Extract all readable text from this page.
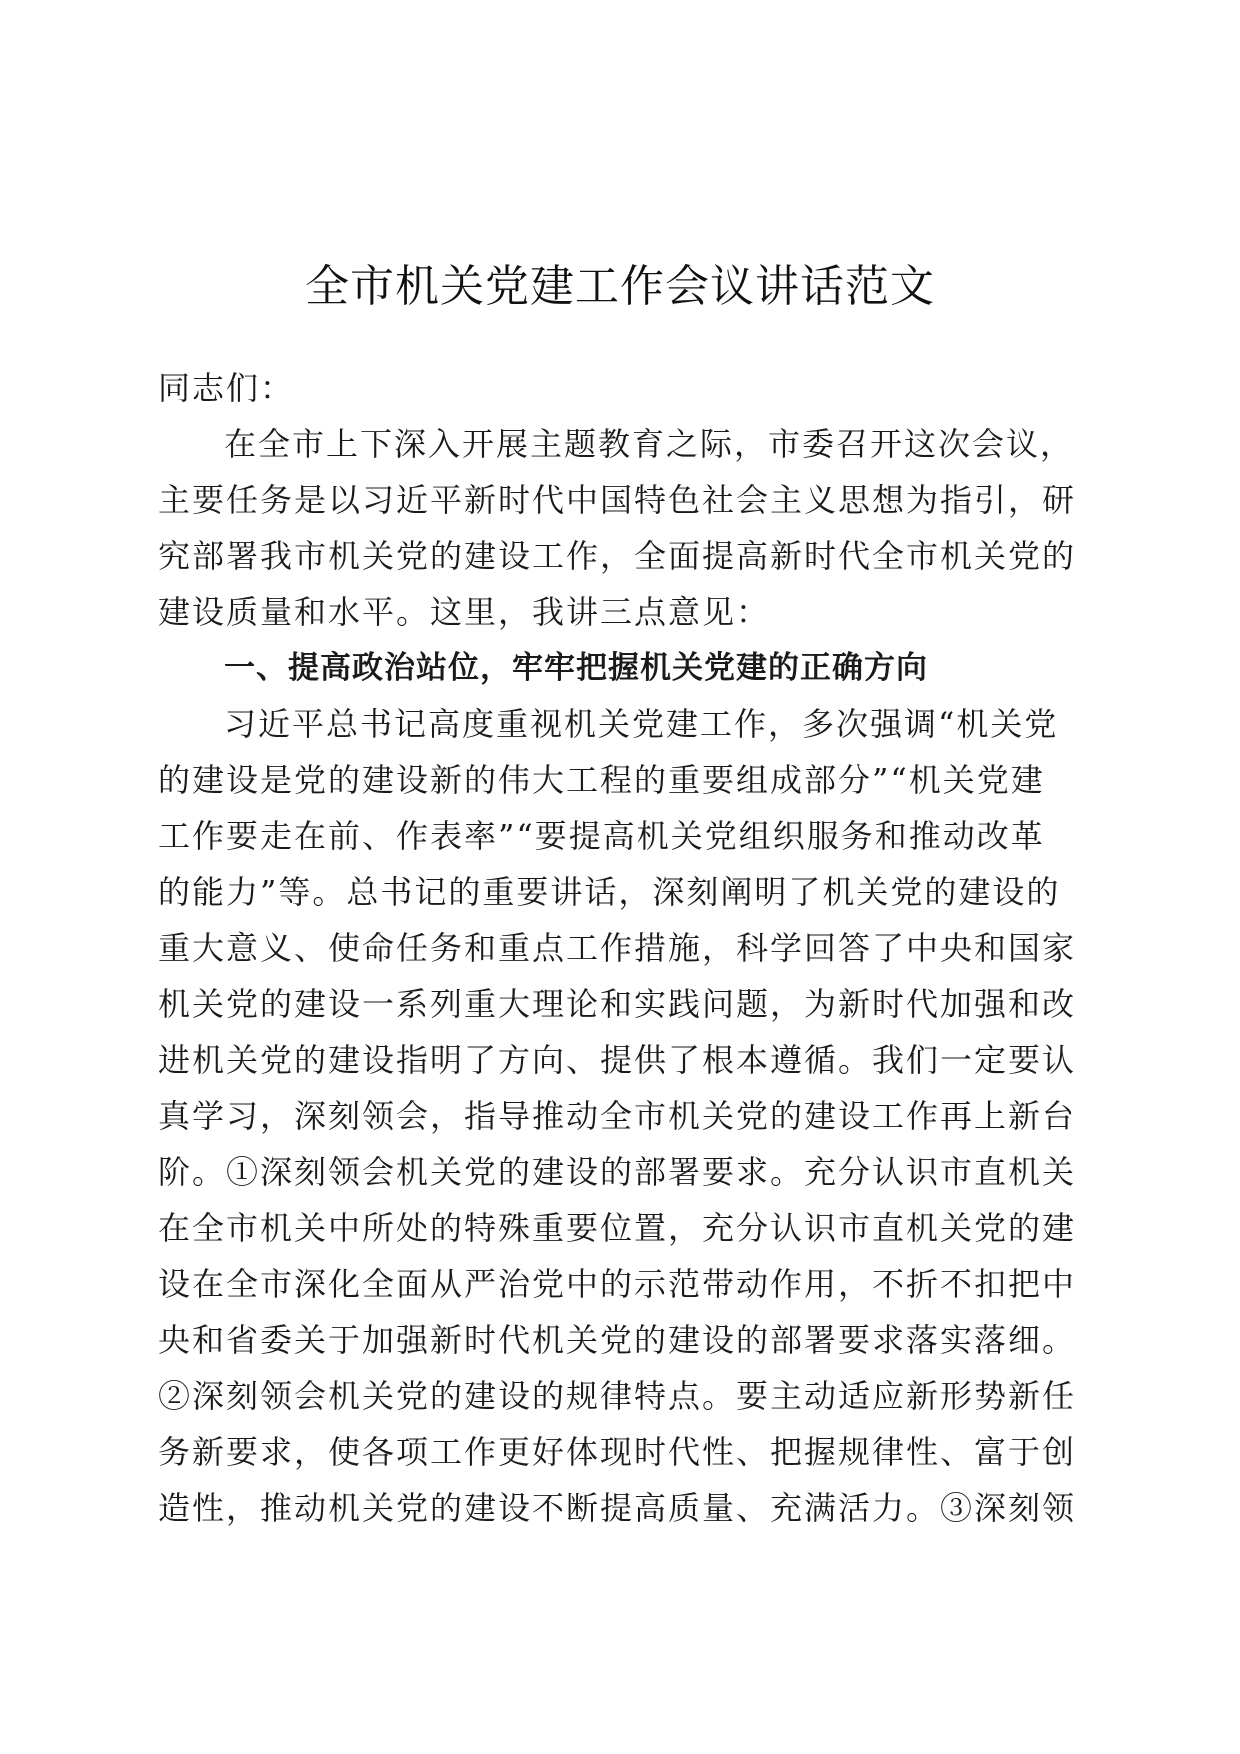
全市机关党建工作会议讲话范文

同志们：

在全市上下深入开展主题教育之际，市委召开这次会议，
主要任务是以习近平新时代中国特色社会主义思想为指引，研
究部署我市机关党的建设工作，全面提高新时代全市机关党的
建设质量和水平。这里，我讲三点意见：
一、提高政治站位，牢牢把握机关党建的正确方向
习近平总书记高度重视机关党建工作，多次强调“机关党
的建设是党的建设新的伟大工程的重要组成部分”“机关党建
工作要走在前、作表率”“要提高机关党组织服务和推动改革
的能力”等。总书记的重要讲话，深刻阐明了机关党的建设的
重大意义、使命任务和重点工作措施，科学回答了中央和国家
机关党的建设一系列重大理论和实践问题，为新时代加强和改
进机关党的建设指明了方向、提供了根本遵循。我们一定要认
真学习，深刻领会，指导推动全市机关党的建设工作再上新台
阶。①深刻领会机关党的建设的部署要求。充分认识市直机关
在全市机关中所处的特殊重要位置，充分认识市直机关党的建
设在全市深化全面从严治党中的示范带动作用，不折不扣把中
央和省委关于加强新时代机关党的建设的部署要求落实落细。
②深刻领会机关党的建设的规律特点。要主动适应新形势新任
务新要求，使各项工作更好体现时代性、把握规律性、富于创
造性，推动机关党的建设不断提高质量、充满活力。③深刻领
